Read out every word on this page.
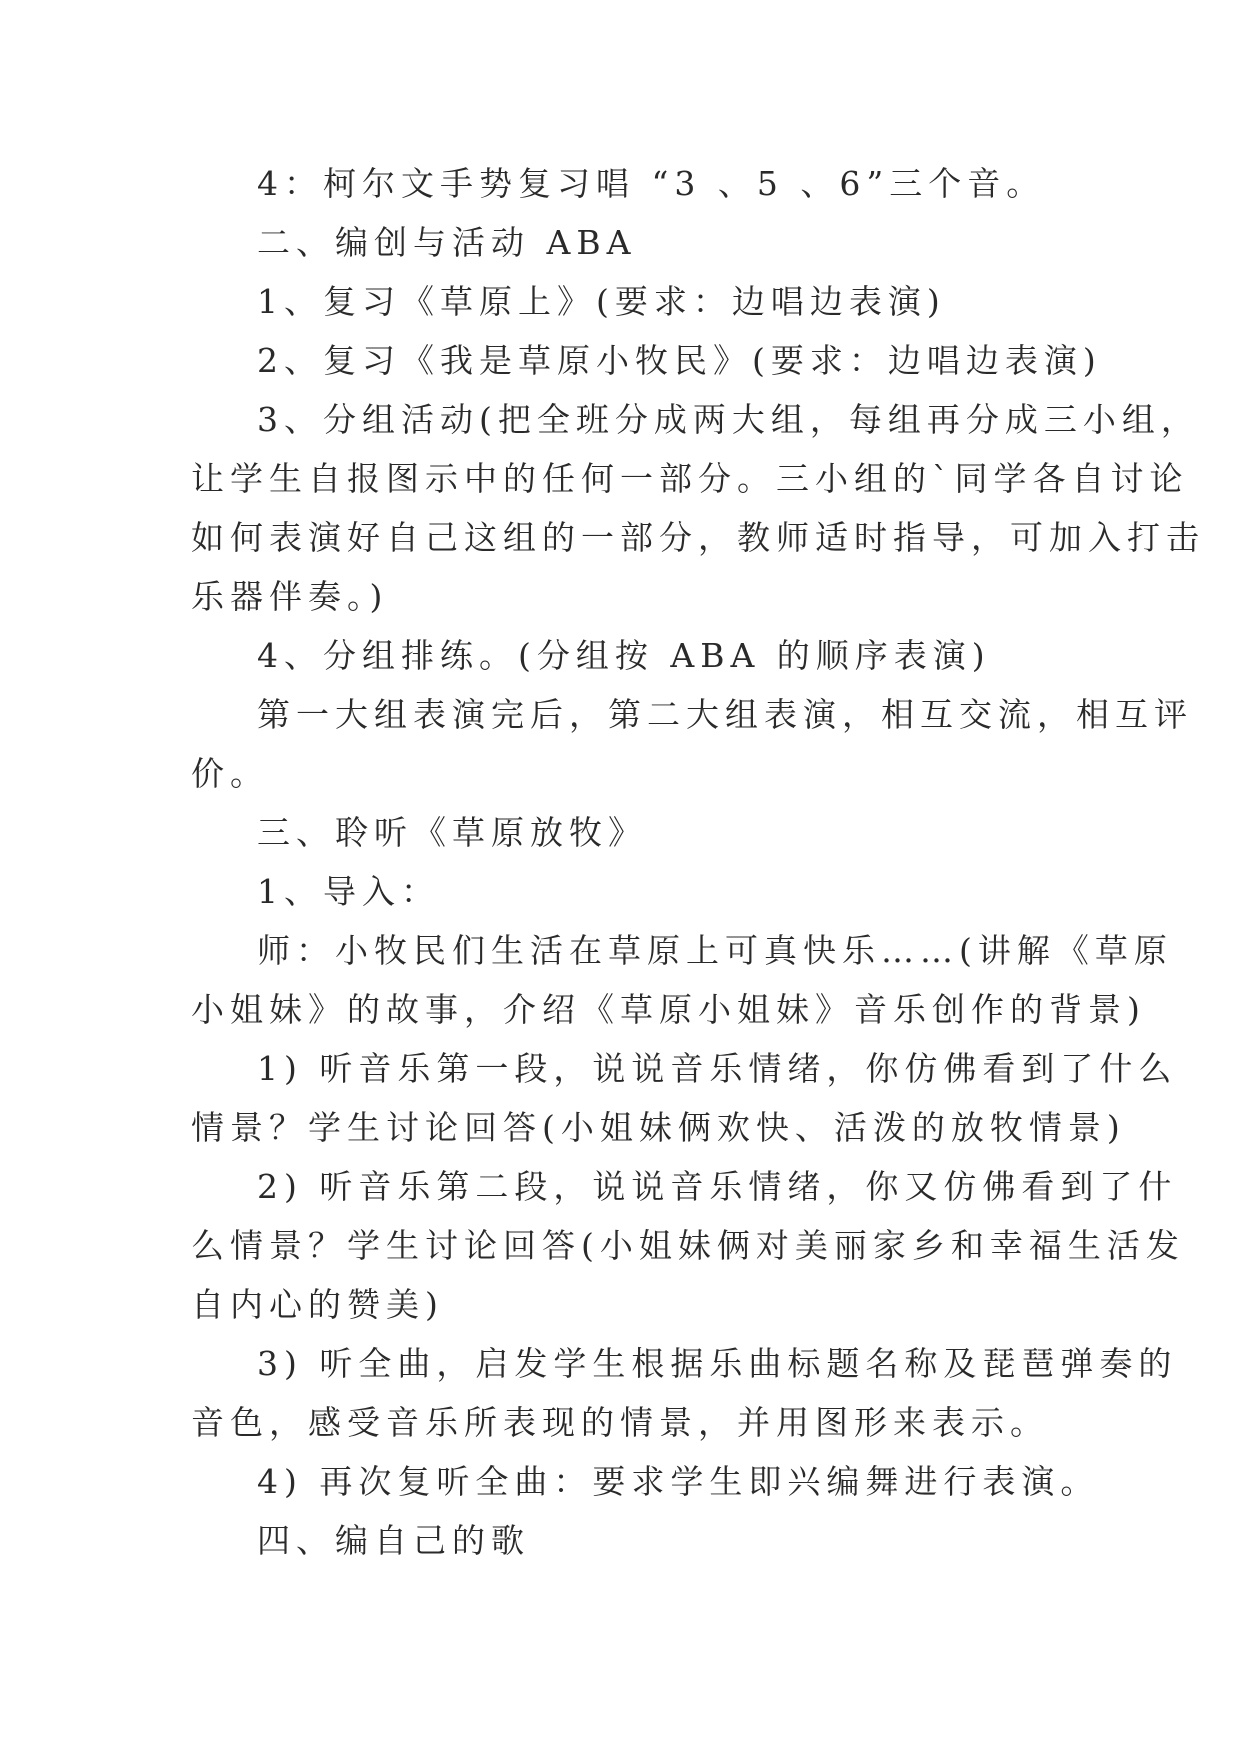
4：柯尔文手势复习唱 “3 、5 、6”三个音。
二、编创与活动 ABA
1、复习《草原上》(要求：边唱边表演)
2、复习《我是草原小牧民》(要求：边唱边表演)
3、分组活动(把全班分成两大组，每组再分成三小组，
让学生自报图示中的任何一部分。三小组的`同学各自讨论
如何表演好自己这组的一部分，教师适时指导，可加入打击
乐器伴奏。)
4、分组排练。(分组按 ABA 的顺序表演)
第一大组表演完后，第二大组表演，相互交流，相互评
价。
三、聆听《草原放牧》
1、导入：
师：小牧民们生活在草原上可真快乐……(讲解《草原
小姐妹》的故事，介绍《草原小姐妹》音乐创作的背景)
1) 听音乐第一段，说说音乐情绪，你仿佛看到了什么
情景？学生讨论回答(小姐妹俩欢快、活泼的放牧情景)
2) 听音乐第二段，说说音乐情绪，你又仿佛看到了什
么情景？学生讨论回答(小姐妹俩对美丽家乡和幸福生活发
自内心的赞美)
3) 听全曲，启发学生根据乐曲标题名称及琵琶弹奏的
音色，感受音乐所表现的情景，并用图形来表示。
4) 再次复听全曲：要求学生即兴编舞进行表演。
四、编自己的歌
